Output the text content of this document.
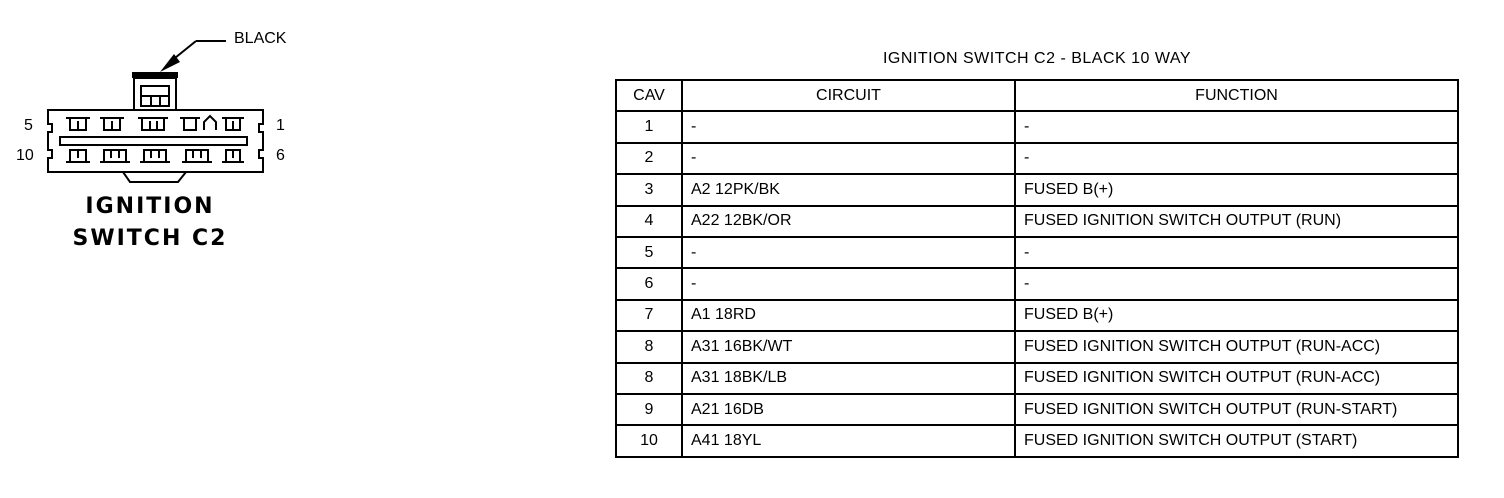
BLACK
5	1
10	6
IGNITION
SWITCH C2
IGNITION SWITCH C2 - BLACK 10 WAY
CAV	CIRCUIT	FUNCTION
1	-	-
2	-	-
3	A2 12PK/BK	FUSED B(+)
4	A22 12BK/OR	FUSED IGNITION SWITCH OUTPUT (RUN)
5	-	-
6	-	-
7	A1 18RD	FUSED B(+)
8	A31 16BK/WT	FUSED IGNITION SWITCH OUTPUT (RUN-ACC)
8	A31 18BK/LB	FUSED IGNITION SWITCH OUTPUT (RUN-ACC)
9	A21 16DB	FUSED IGNITION SWITCH OUTPUT (RUN-START)
10	A41 18YL	FUSED IGNITION SWITCH OUTPUT (START)
